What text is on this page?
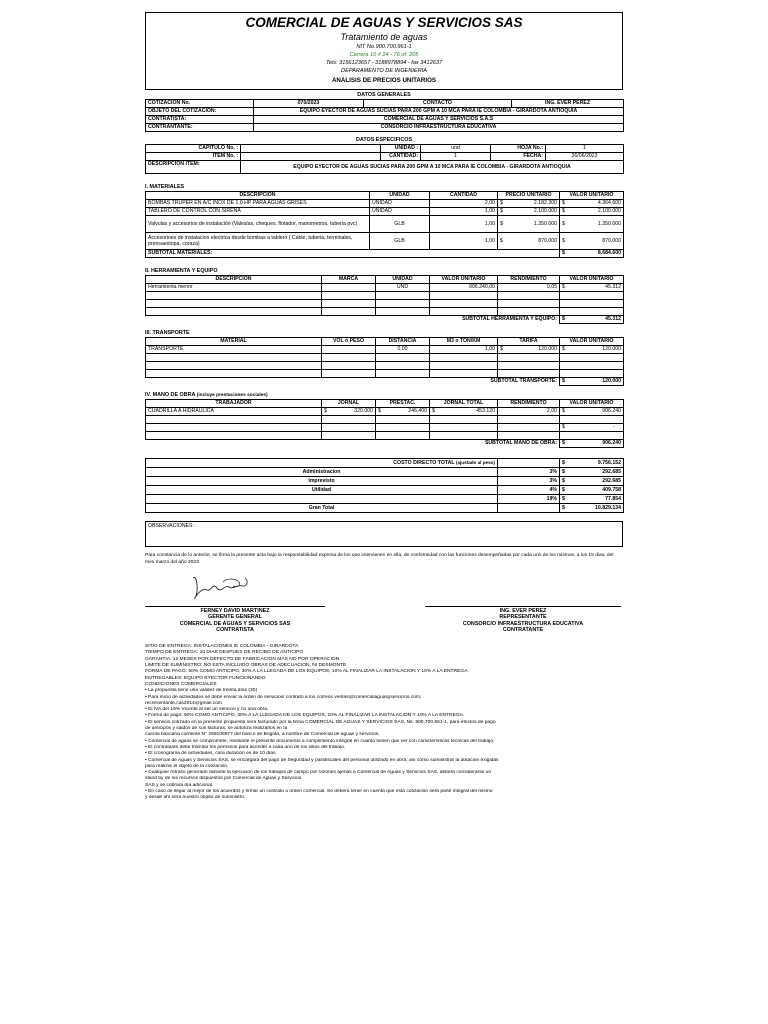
COMERCIAL DE AGUAS Y SERVICIOS SAS
Tratamiento de aguas
NIT No.900.700.961-1
Carrera 10 # 24 - 76 of. 205
Tels: 3156123657 - 3188978894 - fax 3412637
DEPARAMENTO DE INGENIERIA
ANALISIS DE PRECIOS UNITARIOS
DATOS GENERALES
COTIZACION No.	070/2023	CONTACTO	ING. EVER PEREZ
OBJETO DEL COTIZACION:	EQUIPO EYECTOR DE AGUAS SUCIAS PARA 200 GPM A 10 MCA PARA IE COLOMBIA - GIRARDOTA ANTIOQUIA		
CONTRATISTA:	COMERCIAL DE AGUAS Y SERVICIOS S.A.S		
CONTRANTANTE:	CONSORCIO INFRAESTRUCTURA EDUCATIVA		
DATOS ESPECIFICOS
CAPITULO No. :		UNIDAD :	und	HOJA No.:	1
ITEM No. :		CANTIDAD:	1	FECHA:	26/06/2023
DESCRIPCION ITEM:	EQUIPO EYECTOR DE AGUAS SUCIAS PARA 200 GPM A 10 MCA PARA IE COLOMBIA - GIRARDOTA ANTIOQUIA				
I. MATERIALES
DESCRIPCION	UNIDAD	CANTIDAD	PRECIO UNITARIO	VALOR UNITARIO
BOMBAS TRUPER EN A/C INOX DE 1.0 HP PARA AGUAS GRISES	UNIDAD	2,00	$ 2.182.300	$ 4.364.600
TABLERO DE CONTROL CON SIRENA	UNIDAD	1,00	$ 2.100.000	$ 2.100.000
Valvulas y accesorios de instalación (Valvulas, cheques, flotador, manometros, tuberia pvc)	GLB	1,00	$ 1.350.000	$ 1.350.000
Accesorioes de instalacion electrica desde bombas a tablero ( Cable, tuberia, terminales, prensaestopa, coraza)	GLB	1,00	$ 870.000	$ 870.000
SUBTOTAL MATERIALES:				$ 8.684.600
II. HERRAMIENTA Y EQUIPO
DESCRIPCION	MARCA	UNIDAD	VALOR UNITARIO	RENDIMIENTO	VALOR UNITARIO
Herramienta menor		UND	906.240,00	0,05	$ 45.312

SUBTOTAL HERRAMIENTA Y EQUIPO:					$ 45.312
III. TRANSPORTE
MATERIAL	VOL ó PESO	DISTANCIA	M3 o TON/KM	TARIFA	VALOR UNITARIO
TRANSPORTE		0,00	1,00	$ 120.000	$ 120.000

SUBTOTAL TRANSPORTE:					$ 120.000
IV. MANO DE OBRA (incluye prestaciones sociales)
TRABAJADOR	JORNAL	PRESTAC.	JORNAL TOTAL	RENDIMIENTO	VALOR UNITARIO
CUADRILLA A HIDRAULICA	$ 320.000	$ 246.400	$ 453.120	2,00	$ 906.240

					$ -

SUBTOTAL MANO DE OBRA:					$ 906.240
COSTO DIRECTO TOTAL (ajustado al peso)		$ 9.756.152
Administracion	3%	$ 292.685
Imprevisto	3%	$ 292.685
Utilidad	4%	$ 409.758
	19%	$ 77.854
Gran Total		$ 10.829.134
OBSERVACIONES :
Para constancia de lo anterior, se firma la presente acta bajo la responsabilidad expresa de los que intervienen en ella, de conformidad con las funciones desempeñadas por cada uno de los mismos, a los 15 dias, del mes marzo del año 2023
FERNEY DAVID MARTINEZ
GERENTE GENERAL
COMERCIAL DE AGUAS Y SERVICIOS SAS
CONTRATISTA
ING. EVER PEREZ
REPRESENTANTE
CONSORCIO INFRAESTRUCTURA EDUCATIVA
CONTRATANTE
SITIO DE ENTREGA: INSTALACIONES IE COLOMBIA - GIRARDOTA
TIEMPO DE ENTREGA: 10 DIAS DESPUES DE RECIBO DE ANTICIPO
GARANTIA: 12 MESES POR DEFECTO DE FABRICACION MAS NO POR OPERACIÓN
LIMITE DE SUMINISTRO: NO ESTA INCLUIDO OBRAS DE ADECUACION, NI DESMONTE
FORMA DE PAGO: 50% COMO ANTICIPO, 30% A LA LLEGADA DE LOS EQUIPOS, 10% AL FINALIZAR LA INSTALACION Y 10% A LA ENTREGA.
ENTREGABLES: EQUIPO EYECTOR FUNCIONANDO
CONDICIONES COMERCIALES
• La propuesta tiene una validez de treinta días (30)
• Para inicio de actividades se debe enviar la orden de servicios/ contrato a los correos ventas@comercialaguasyservicios.com;
recresentante.cas2014@gmail.com
• El IVA del 19% Vicente al ser un servicio y no una obra.
• Forma de pago: 50% COMO ANTICIPO, 30% A LA LLEGADA DE LOS EQUIPOS, 10% AL FINALIZAR LA INSTALACION Y 10% A LA ENTREGA.
• El servicio cotizado en la presente propuesta será facturado por la firma COMERCIAL DE AGUAS Y SERVICIOS SAS, Nit. 900.700.961-1, para efectos de pago
de anticipos y saldos de sus facturas, se autoriza realizarlos en la
cuenta bancaria corriente N° 259108977 del banco de Bogotá, a nombre de Comercial de aguas y servicios.
• Comercial de aguas se compromete, mediante el presente documento a cumplimiento integral en cuanto tienen que ver con características técnicas del trabajo.
• El contratante debe tramitar los permisos para acceder a cada uno de los sitios del trabajo.
• El cronograma de actividades, cura duración es de 10 días.
• Comercial de Aguas y Servicios SAS, se encargara del pago de Seguridad y parafiscales del personal utilizado en obra, así como suministrar la dotación exigidas
para realizar el objeto de la cotización.
• Cualquier retraso generado durante la ejecución de los trabajos de campo por razones ajenas a Comercial de Aguas y Servicios SAS, deberá considerarse un
stand by de los recursos dispuestos por Comercial de Aguas y Servicios
SAS y se cobrara día adicional.
• En caso de llegar al mejor de los acuerdos y firmar un contrato u orden comercial. Se deberá tener en cuenta que esta cotización será parte integral del mismo
y desde ahí será nuestro objeto de suministro.
